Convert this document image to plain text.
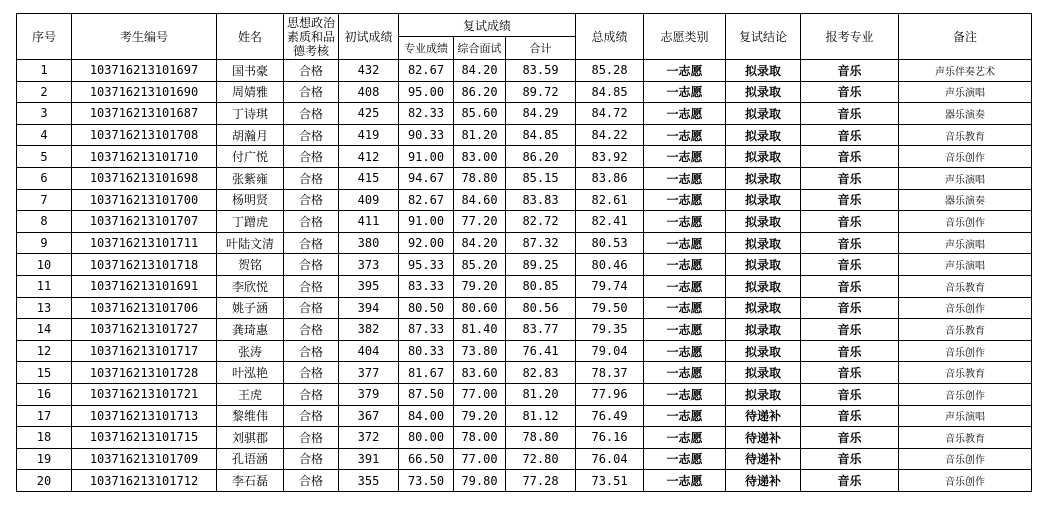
序号	考生编号	姓名	思想政治素质和品德考核	初试成绩	复试成绩			总成绩	志愿类别	复试结论	报考专业	备注
					专业成绩	综合面试	合计					
1	103716213101697	国书豪	合格	432	82.67	84.20	83.59	85.28	一志愿	拟录取	音乐	声乐伴奏艺术
2	103716213101690	周婧雅	合格	408	95.00	86.20	89.72	84.85	一志愿	拟录取	音乐	声乐演唱
3	103716213101687	丁诗琪	合格	425	82.33	85.60	84.29	84.72	一志愿	拟录取	音乐	器乐演奏
4	103716213101708	胡瀚月	合格	419	90.33	81.20	84.85	84.22	一志愿	拟录取	音乐	音乐教育
5	103716213101710	付广悦	合格	412	91.00	83.00	86.20	83.92	一志愿	拟录取	音乐	音乐创作
6	103716213101698	张紫雍	合格	415	94.67	78.80	85.15	83.86	一志愿	拟录取	音乐	声乐演唱
7	103716213101700	杨明贤	合格	409	82.67	84.60	83.83	82.61	一志愿	拟录取	音乐	器乐演奏
8	103716213101707	丁蹭虎	合格	411	91.00	77.20	82.72	82.41	一志愿	拟录取	音乐	音乐创作
9	103716213101711	叶陆文清	合格	380	92.00	84.20	87.32	80.53	一志愿	拟录取	音乐	声乐演唱
10	103716213101718	贺铭	合格	373	95.33	85.20	89.25	80.46	一志愿	拟录取	音乐	声乐演唱
11	103716213101691	李欣悦	合格	395	83.33	79.20	80.85	79.74	一志愿	拟录取	音乐	音乐教育
13	103716213101706	姚子涵	合格	394	80.50	80.60	80.56	79.50	一志愿	拟录取	音乐	音乐创作
14	103716213101727	龚琦惠	合格	382	87.33	81.40	83.77	79.35	一志愿	拟录取	音乐	音乐教育
12	103716213101717	张涛	合格	404	80.33	73.80	76.41	79.04	一志愿	拟录取	音乐	音乐创作
15	103716213101728	叶泓艳	合格	377	81.67	83.60	82.83	78.37	一志愿	拟录取	音乐	音乐教育
16	103716213101721	王虎	合格	379	87.50	77.00	81.20	77.96	一志愿	拟录取	音乐	音乐创作
17	103716213101713	黎维伟	合格	367	84.00	79.20	81.12	76.49	一志愿	待递补	音乐	声乐演唱
18	103716213101715	刘骐郡	合格	372	80.00	78.00	78.80	76.16	一志愿	待递补	音乐	音乐教育
19	103716213101709	孔语涵	合格	391	66.50	77.00	72.80	76.04	一志愿	待递补	音乐	音乐创作
20	103716213101712	李石磊	合格	355	73.50	79.80	77.28	73.51	一志愿	待递补	音乐	音乐创作
